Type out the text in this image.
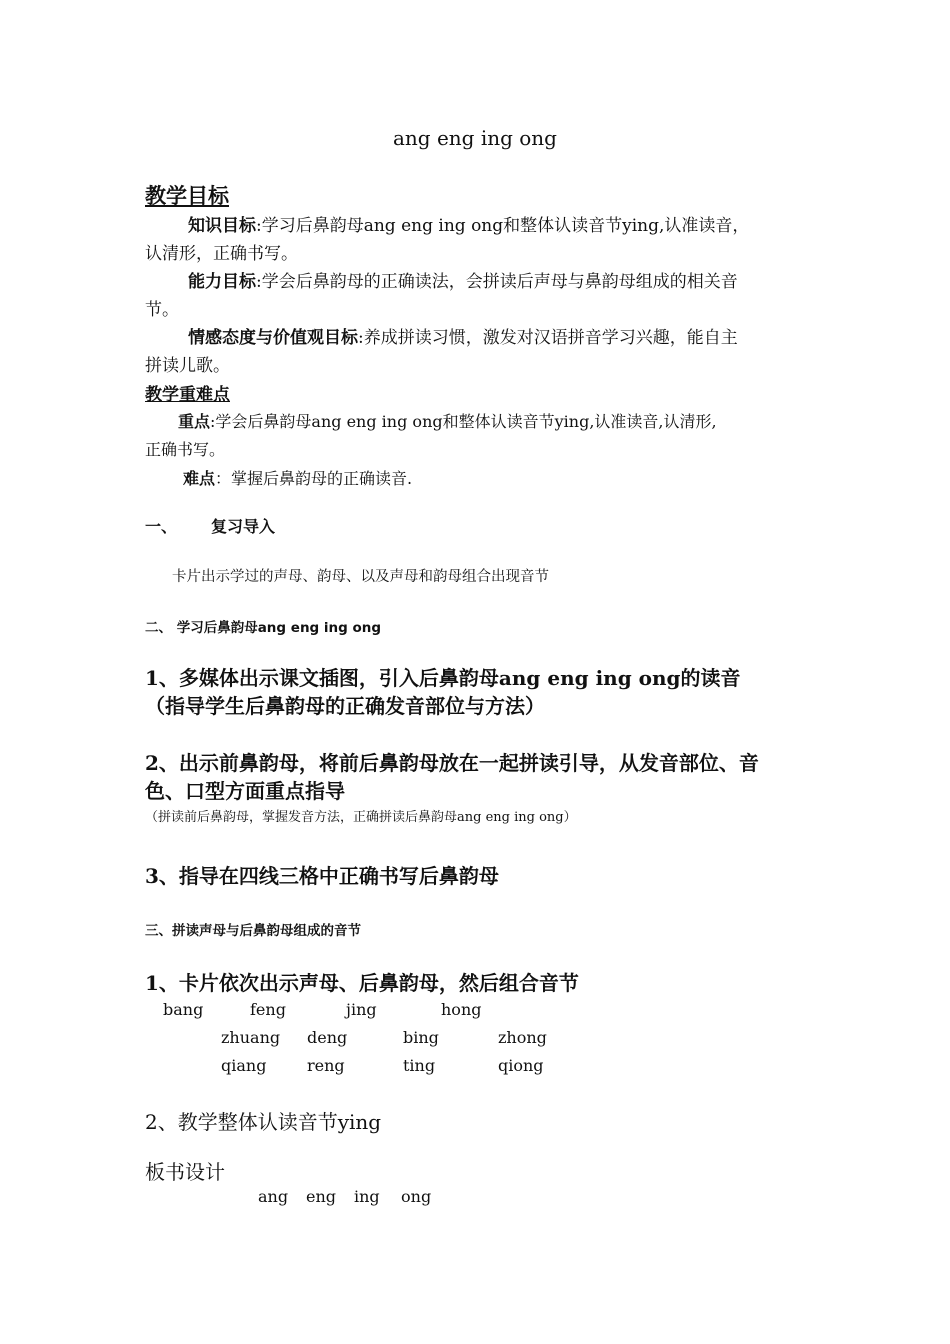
ang eng ing ong
教学目标
知识目标:学习后鼻韵母ang eng ing ong和整体认读音节ying,认准读音，
认清形，正确书写。
能力目标:学会后鼻韵母的正确读法，会拼读后声母与鼻韵母组成的相关音
节。
情感态度与价值观目标:养成拼读习惯，激发对汉语拼音学习兴趣，能自主
拼读儿歌。
教学重难点
重点:学会后鼻韵母ang eng ing ong和整体认读音节ying,认准读音,认清形,
正确书写。
难点：掌握后鼻韵母的正确读音.
一、 复习导入
卡片出示学过的声母、韵母、以及声母和韵母组合出现音节
二、 学习后鼻韵母ang eng ing ong
1、多媒体出示课文插图，引入后鼻韵母ang eng ing ong的读音
（指导学生后鼻韵母的正确发音部位与方法）
2、出示前鼻韵母，将前后鼻韵母放在一起拼读引导，从发音部位、音
色、口型方面重点指导
（拼读前后鼻韵母，掌握发音方法，正确拼读后鼻韵母ang eng ing ong）
3、指导在四线三格中正确书写后鼻韵母
三、拼读声母与后鼻韵母组成的音节
1、卡片依次出示声母、后鼻韵母，然后组合音节
bang	feng	jing	hong
zhuang deng	bing	zhong
qiang	reng	ting	qiong
2、教学整体认读音节ying
板书设计
ang eng ing ong
